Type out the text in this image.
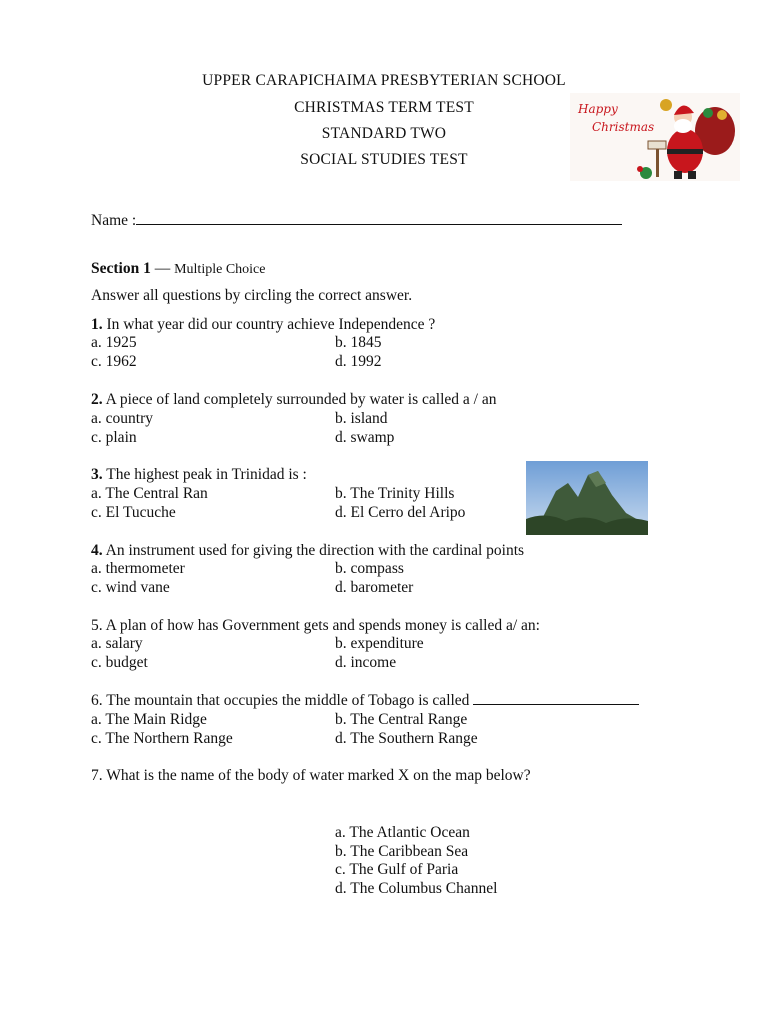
UPPER CARAPICHAIMA PRESBYTERIAN SCHOOL
CHRISTMAS TERM TEST
STANDARD TWO
SOCIAL STUDIES TEST
Happy
Christmas
Name :
Section 1 — Multiple Choice
Answer all questions by circling the correct answer.
1. In what year did our country achieve Independence ?
a. 1925	b. 1845
c. 1962	d. 1992
2. A piece of land completely surrounded by water is called a / an
a. country	b. island
c. plain	d. swamp
3. The highest peak in Trinidad is :
a. The Central Ran	b. The Trinity Hills
c. El Tucuche	d. El Cerro del Aripo
4. An instrument used for giving the direction with the cardinal points
a. thermometer	b. compass
c. wind vane	d. barometer
5. A plan of how has Government gets and spends money is called a/ an:
a. salary	b. expenditure
c. budget	d. income
6. The mountain that occupies the middle of Tobago is called
a. The Main Ridge	b. The Central Range
c. The Northern Range	d. The Southern Range
7. What is the name of the body of water marked X on the map below?
a. The Atlantic Ocean
b. The Caribbean Sea
c. The Gulf of Paria
d. The Columbus Channel
